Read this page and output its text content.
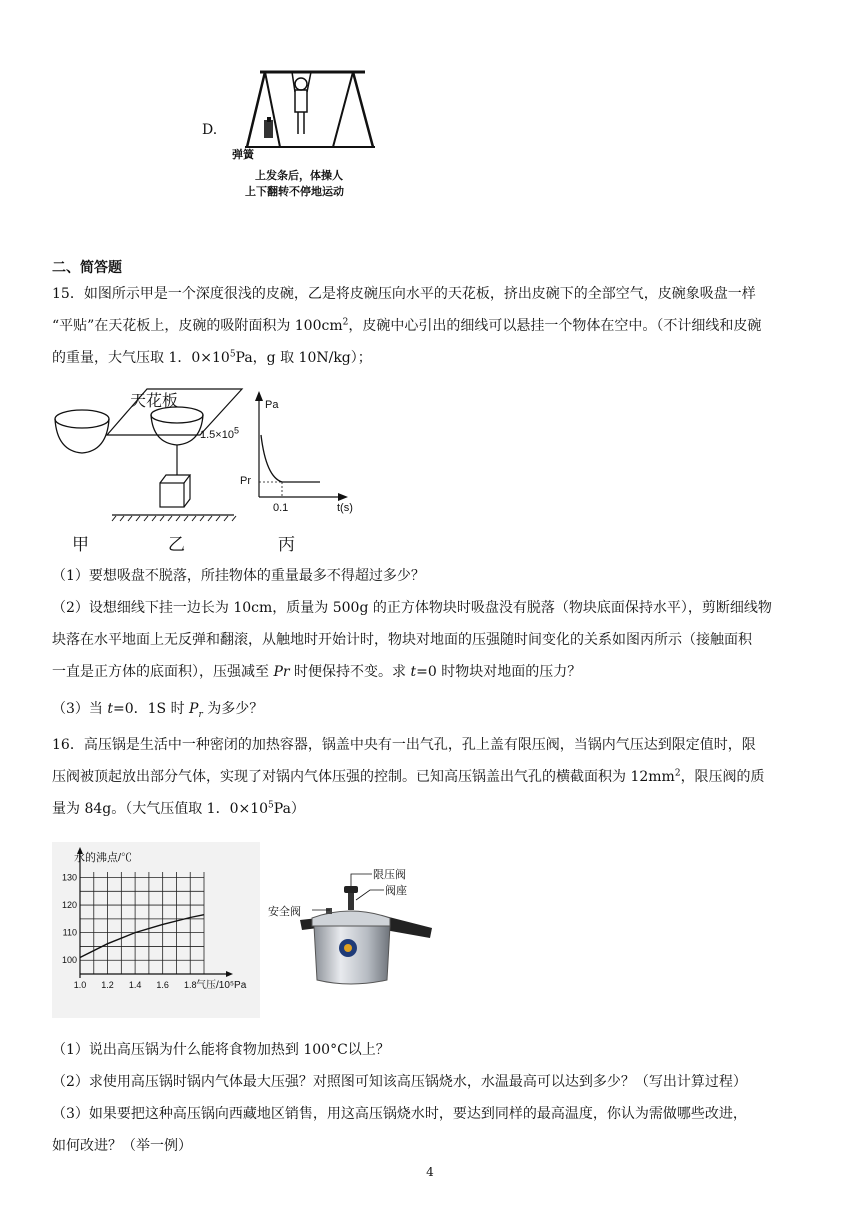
D.
弹簧
上发条后，体操人
上下翻转不停地运动
二、简答题
15．如图所示甲是一个深度很浅的皮碗，乙是将皮碗压向水平的天花板，挤出皮碗下的全部空气，皮碗象吸盘一样
“平贴”在天花板上，皮碗的吸附面积为 $100cm^2$，皮碗中心引出的细线可以悬挂一个物体在空中。（不计细线和皮碗
的重量，大气压取 1．$0\times 10^5Pa$，g 取 10N/kg）；
天花板	Pa
$1.5\times 10^5$
Pr
0.1	t(s)
甲	乙	丙
（1）要想吸盘不脱落，所挂物体的重量最多不得超过多少？
（2）设想细线下挂一边长为 10cm，质量为 500g 的正方体物块时吸盘没有脱落（物块底面保持水平），剪断细线物
块落在水平地面上无反弹和翻滚，从触地时开始计时，物块对地面的压强随时间变化的关系如图丙所示（接触面积
一直是正方体的底面积），压强减至 Pr 时便保持不变。求 t=0 时物块对地面的压力？
（3）当 t=0．1S 时 $P_r$ 为多少？
16．高压锅是生活中一种密闭的加热容器，锅盖中央有一出气孔，孔上盖有限压阀，当锅内气压达到限定值时，限
压阀被顶起放出部分气体，实现了对锅内气体压强的控制。已知高压锅盖出气孔的横截面积为 $12mm^2$，限压阀的质
量为 84g。（大气压值取 1．$0\times 10^5Pa$）
1.0 1.2 1.4 1.6 1.8
100
110
120
130
水的沸点/℃
气压/10⁵Pa
限压阀
阀座
安全阀
（1）说出高压锅为什么能将食物加热到 100°C以上？
（2）求使用高压锅时锅内气体最大压强？对照图可知该高压锅烧水，水温最高可以达到多少？（写出计算过程）
（3）如果要把这种高压锅向西藏地区销售，用这高压锅烧水时，要达到同样的最高温度，你认为需做哪些改进，
如何改进？（举一例）
4
